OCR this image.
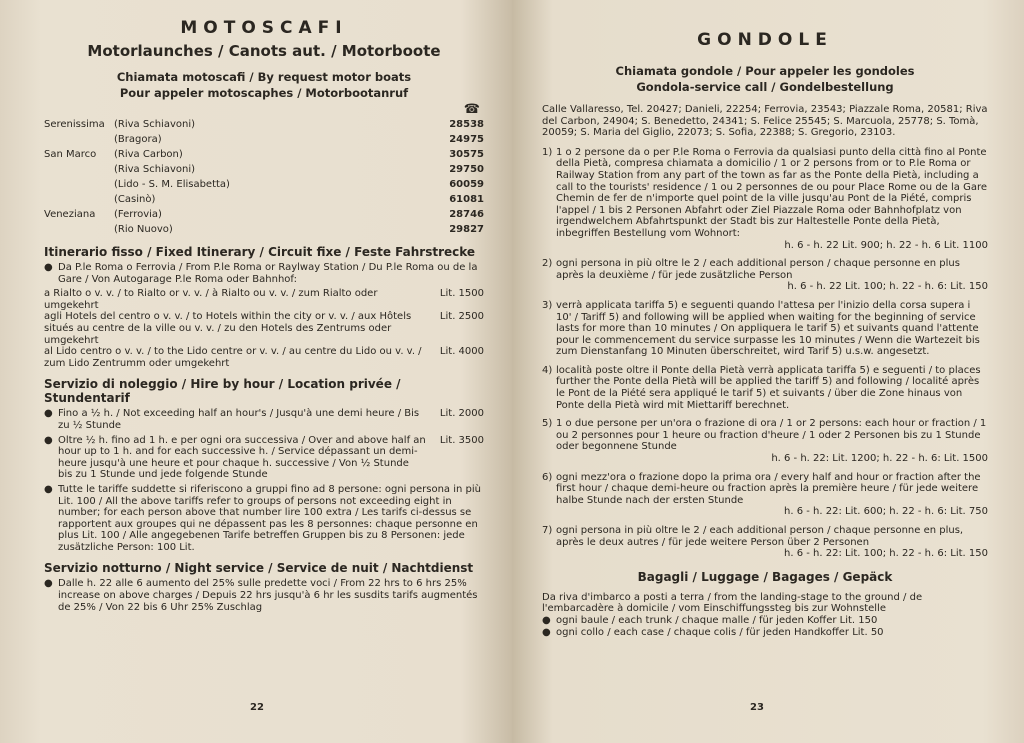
MOTOSCAFI
Motorlaunches / Canots aut. / Motorboote
Chiamata motoscafi / By request motor boats
Pour appeler motoscaphes / Motorbootanruf
☎
Serenissima (Riva Schiavoni)	28538
(Bragora)	24975
San Marco	(Riva Carbon)	30575
(Riva Schiavoni)	29750
(Lido - S. M. Elisabetta)	60059
(Casinò)	61081
Veneziana	(Ferrovia)	28746
(Rio Nuovo)	29827
Itinerario fisso / Fixed Itinerary / Circuit fixe / Feste Fahrstrecke
● Da P.le Roma o Ferrovia / From P.le Roma or Raylway Station / Du P.le Roma ou de la Gare / Von Autogarage P.le Roma oder Bahnhof:
a Rialto o v. v. / to Rialto or v. v. / à Rialto ou v. v. / zum Rialto oder umgekehrt
Lit. 1500
agli Hotels del centro o v. v. / to Hotels within the city or v. v. / aux Hôtels situés au centre de la ville ou v. v. / zu den Hotels des Zentrums oder umgekehrt
Lit. 2500
al Lido centro o v. v. / to the Lido centre or v. v. / au centre du Lido ou v. v. / zum Lido Zentrumm oder umgekehrt
Lit. 4000
Servizio di noleggio / Hire by hour / Location privée / Stundentarif
● Fino a ½ h. / Not exceeding half an hour's / Jusqu'à une demi heure / Bis zu ½ Stunde
Lit. 2000
● Oltre ½ h. fino ad 1 h. e per ogni ora successiva / Over and above half an hour up to 1 h. and for each successive h. / Service dépassant un demi-heure jusqu'à une heure et pour chaque h. successive / Von ½ Stunde bis zu 1 Stunde und jede folgende Stunde
Lit. 3500
● Tutte le tariffe suddette si riferiscono a gruppi fino ad 8 persone: ogni persona in più Lit. 100 / All the above tariffs refer to groups of persons not exceeding eight in number; for each person above that number lire 100 extra / Les tarifs ci-dessus se rapportent aux groupes qui ne dépassent pas les 8 personnes: chaque personne en plus Lit. 100 / Alle angegebenen Tarife betreffen Gruppen bis zu 8 Personen: jede zusätzliche Person: 100 Lit.
Servizio notturno / Night service / Service de nuit / Nachtdienst
● Dalle h. 22 alle 6 aumento del 25% sulle predette voci / From 22 hrs to 6 hrs 25% increase on above charges / Depuis 22 hrs jusqu'à 6 hr les susdits tarifs augmentés de 25% / Von 22 bis 6 Uhr 25% Zuschlag
22
GONDOLE
Chiamata gondole / Pour appeler les gondoles
Gondola-service call / Gondelbestellung

Calle Vallaresso, Tel. 20427; Danieli, 22254; Ferrovia, 23543; Piazzale Roma, 20581; Riva del Carbon, 24904; S. Benedetto, 24341; S. Felice 25545; S. Marcuola, 25778; S. Tomà, 20059; S. Maria del Giglio, 22073; S. Sofia, 22388; S. Gregorio, 23103.

1) 1 o 2 persone da o per P.le Roma o Ferrovia da qualsiasi punto della città fino al Ponte della Pietà, compresa chiamata a domicilio / 1 or 2 persons from or to P.le Roma or Railway Station from any part of the town as far as the Ponte della Pietà, including a call to the tourists' residence / 1 ou 2 personnes de ou pour Place Rome ou de la Gare Chemin de fer de n'importe quel point de la ville jusqu'au Pont de la Piété, compris l'appel / 1 bis 2 Personen Abfahrt oder Ziel Piazzale Roma oder Bahnhofplatz von irgendwelchem Abfahrtspunkt der Stadt bis zur Haltestelle Ponte della Pietà, inbegriffen Bestellung vom Wohnort:

h. 6 - h. 22 Lit. 900; h. 22 - h. 6 Lit. 1100
2) ogni persona in più oltre le 2 / each additional person / chaque personne en plus après la deuxième / für jede zusätzliche Person

h. 6 - h. 22 Lit. 100; h. 22 - h. 6: Lit. 150
3) verrà applicata tariffa 5) e seguenti quando l'attesa per l'inizio della corsa supera i 10' / Tariff 5) and following will be applied when waiting for the beginning of service lasts for more than 10 minutes / On appliquera le tarif 5) et suivants quand l'attente pour le commencement du service surpasse les 10 minutes / Wenn die Wartezeit bis zum Dienstanfang 10 Minuten überschreitet, wird Tarif 5) u.s.w. angesetzt.
4) località poste oltre il Ponte della Pietà verrà applicata tariffa 5) e seguenti / to places further the Ponte della Pietà will be applied the tariff 5) and following / localité après le Pont de la Piété sera appliqué le tarif 5) et suivants / über die Zone hinaus von Ponte della Pietà wird mit Miettariff berechnet.
5) 1 o due persone per un'ora o frazione di ora / 1 or 2 persons: each hour or fraction / 1 ou 2 personnes pour 1 heure ou fraction d'heure / 1 oder 2 Personen bis zu 1 Stunde oder begonnene Stunde

h. 6 - h. 22: Lit. 1200; h. 22 - h. 6: Lit. 1500
6) ogni mezz'ora o frazione dopo la prima ora / every half and hour or fraction after the first hour / chaque demi-heure ou fraction après la première heure / für jede weitere halbe Stunde nach der ersten Stunde

h. 6 - h. 22: Lit. 600; h. 22 - h. 6: Lit. 750
7) ogni persona in più oltre le 2 / each additional person / chaque personne en plus, après le deux autres / für jede weitere Person über 2 Personen

h. 6 - h. 22: Lit. 100; h. 22 - h. 6: Lit. 150
Bagagli / Luggage / Bagages / Gepäck

Da riva d'imbarco a posti a terra / from the landing-stage to the ground / de l'embarcadère à domicile / vom Einschiffungssteg bis zur Wohnstelle

● ogni baule / each trunk / chaque malle / für jeden Koffer Lit. 150
● ogni collo / each case / chaque colis / für jeden Handkoffer Lit. 50
23
